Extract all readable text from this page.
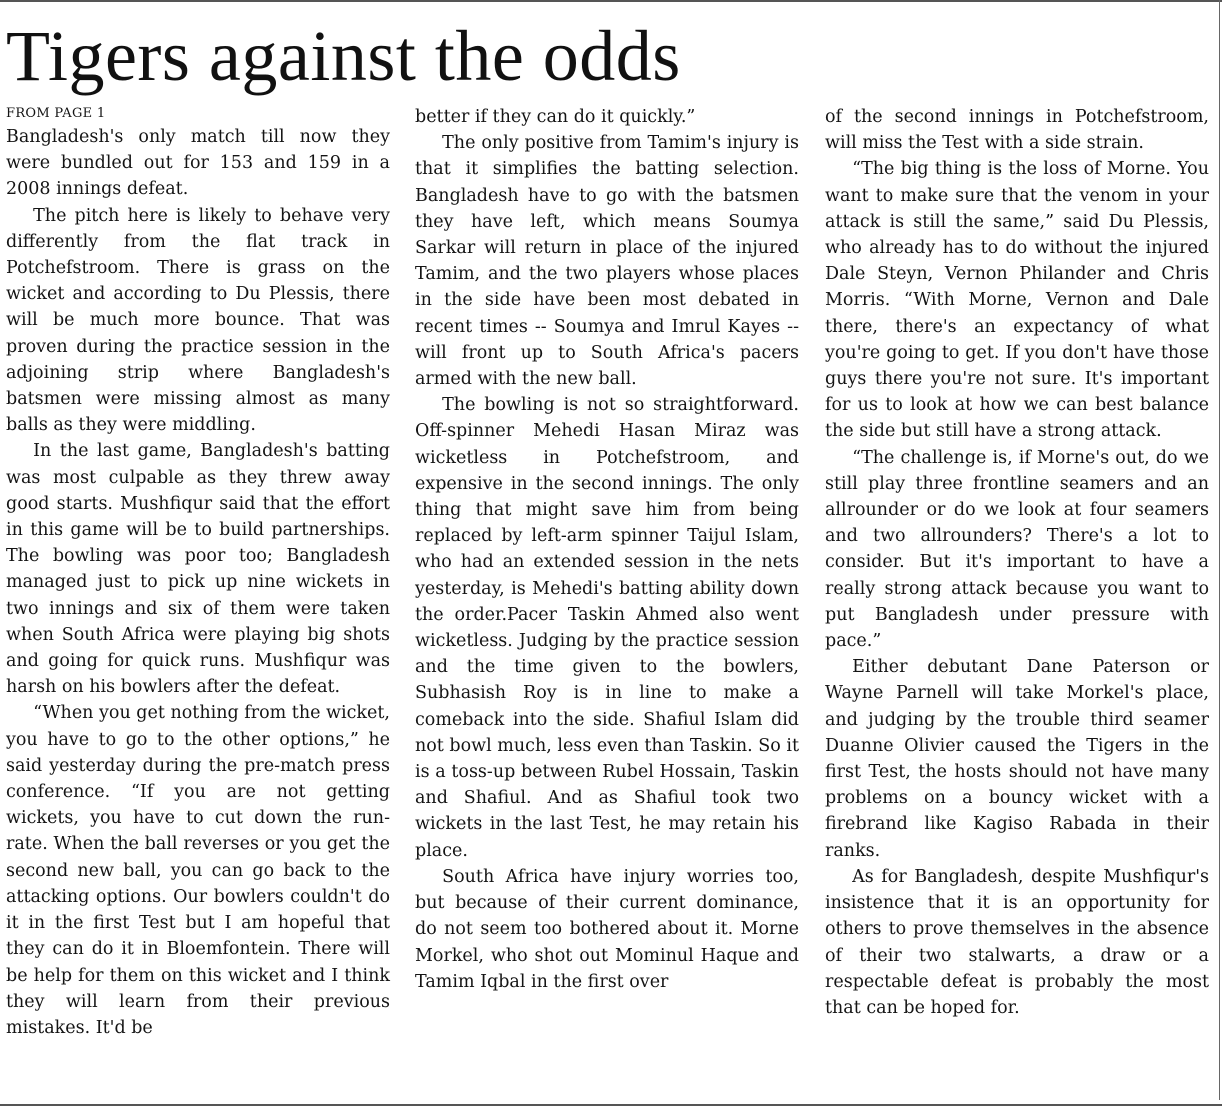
Tigers against the odds
FROM PAGE 1

Bangladesh's only match till now they were bundled out for 153 and 159 in a 2008 innings defeat.

The pitch here is likely to behave very differently from the flat track in Potchefstroom. There is grass on the wicket and according to Du Plessis, there will be much more bounce. That was proven during the practice session in the adjoining strip where Bangladesh's batsmen were missing almost as many balls as they were middling.

In the last game, Bangladesh's batting was most culpable as they threw away good starts. Mushfiqur said that the effort in this game will be to build partnerships. The bowling was poor too; Bangladesh managed just to pick up nine wickets in two innings and six of them were taken when South Africa were playing big shots and going for quick runs. Mushfiqur was harsh on his bowlers after the defeat.

“When you get nothing from the wicket, you have to go to the other options,” he said yesterday during the pre-match press conference. “If you are not getting wickets, you have to cut down the run-rate. When the ball reverses or you get the second new ball, you can go back to the attacking options. Our bowlers couldn't do it in the first Test but I am hopeful that they can do it in Bloemfontein. There will be help for them on this wicket and I think they will learn from their previous mistakes. It'd be

better if they can do it quickly.”

The only positive from Tamim's injury is that it simplifies the batting selection. Bangladesh have to go with the batsmen they have left, which means Soumya Sarkar will return in place of the injured Tamim, and the two players whose places in the side have been most debated in recent times -- Soumya and Imrul Kayes -- will front up to South Africa's pacers armed with the new ball.

The bowling is not so straightforward. Off-spinner Mehedi Hasan Miraz was wicketless in Potchefstroom, and expensive in the second innings. The only thing that might save him from being replaced by left-arm spinner Taijul Islam, who had an extended session in the nets yesterday, is Mehedi's batting ability down the order.Pacer Taskin Ahmed also went wicketless. Judging by the practice session and the time given to the bowlers, Subhasish Roy is in line to make a comeback into the side. Shafiul Islam did not bowl much, less even than Taskin. So it is a toss-up between Rubel Hossain, Taskin and Shafiul. And as Shafiul took two wickets in the last Test, he may retain his place.

South Africa have injury worries too, but because of their current dominance, do not seem too bothered about it. Morne Morkel, who shot out Mominul Haque and Tamim Iqbal in the first over

of the second innings in Potchefstroom, will miss the Test with a side strain.

“The big thing is the loss of Morne. You want to make sure that the venom in your attack is still the same,” said Du Plessis, who already has to do without the injured Dale Steyn, Vernon Philander and Chris Morris. “With Morne, Vernon and Dale there, there's an expectancy of what you're going to get. If you don't have those guys there you're not sure. It's important for us to look at how we can best balance the side but still have a strong attack.

“The challenge is, if Morne's out, do we still play three frontline seamers and an allrounder or do we look at four seamers and two allrounders? There's a lot to consider. But it's important to have a really strong attack because you want to put Bangladesh under pressure with pace.”

Either debutant Dane Paterson or Wayne Parnell will take Morkel's place, and judging by the trouble third seamer Duanne Olivier caused the Tigers in the first Test, the hosts should not have many problems on a bouncy wicket with a firebrand like Kagiso Rabada in their ranks.

As for Bangladesh, despite Mushfiqur's insistence that it is an opportunity for others to prove themselves in the absence of their two stalwarts, a draw or a respectable defeat is probably the most that can be hoped for.
